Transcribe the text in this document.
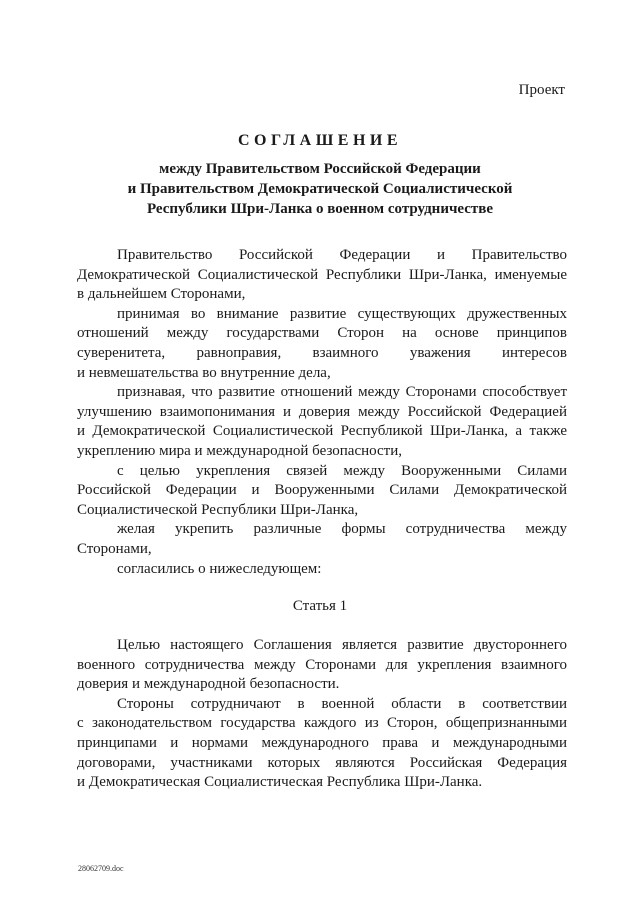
Проект
СОГЛАШЕНИЕ
между Правительством Российской Федерации
и Правительством Демократической Социалистической
Республики Шри-Ланка о военном сотрудничестве
Правительство Российской Федерации и Правительство
Демократической Социалистической Республики Шри-Ланка, именуемые
в дальнейшем Сторонами,
принимая во внимание развитие существующих дружественных
отношений между государствами Сторон на основе принципов
суверенитета, равноправия, взаимного уважения интересов
и невмешательства во внутренние дела,
признавая, что развитие отношений между Сторонами способствует
улучшению взаимопонимания и доверия между Российской Федерацией
и Демократической Социалистической Республикой Шри-Ланка, а также
укреплению мира и международной безопасности,
с целью укрепления связей между Вооруженными Силами
Российской Федерации и Вооруженными Силами Демократической
Социалистической Республики Шри-Ланка,
желая укрепить различные формы сотрудничества между
Сторонами,
согласились о нижеследующем:
Статья 1
Целью настоящего Соглашения является развитие двустороннего
военного сотрудничества между Сторонами для укрепления взаимного
доверия и международной безопасности.
Стороны сотрудничают в военной области в соответствии
с законодательством государства каждого из Сторон, общепризнанными
принципами и нормами международного права и международными
договорами, участниками которых являются Российская Федерация
и Демократическая Социалистическая Республика Шри-Ланка.
28062709.doc
